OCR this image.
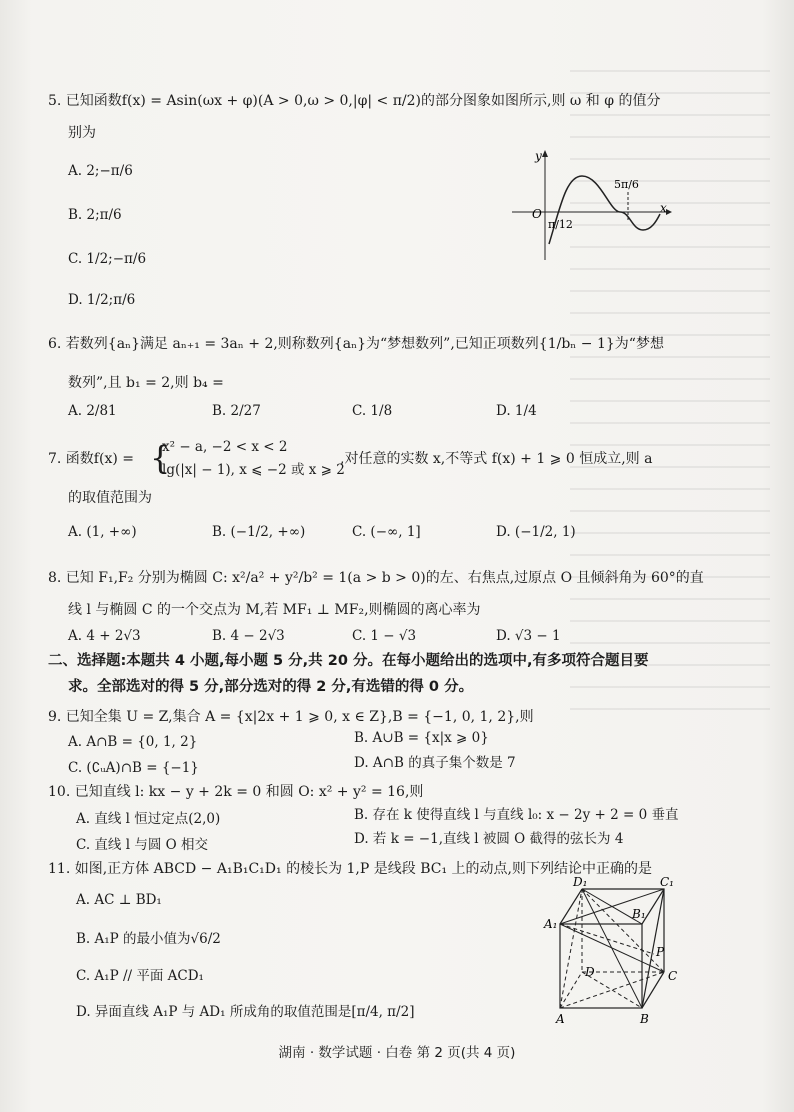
5. 已知函数f(x) = Asin(ωx + φ)(A > 0,ω > 0,|φ| < π/2)的部分图象如图所示,则 ω 和 φ 的值分
别为
A. 2;−π/6
B. 2;π/6
C. 1/2;−π/6
D. 1/2;π/6
y
x
O
π/12
5π/6
6. 若数列{aₙ}满足 aₙ₊₁ = 3aₙ + 2,则称数列{aₙ}为“梦想数列”,已知正项数列{1/bₙ − 1}为“梦想
数列”,且 b₁ = 2,则 b₄ =
A. 2/81	B. 2/27	C. 1/8	D. 1/4
7. 函数f(x) = {
x² − a, −2 < x < 2
lg(|x| − 1), x ⩽ −2 或 x ⩾ 2
,对任意的实数 x,不等式 f(x) + 1 ⩾ 0 恒成立,则 a
的取值范围为
A. (1, +∞)	B. (−1/2, +∞)	C. (−∞, 1]	D. (−1/2, 1)
8. 已知 F₁,F₂ 分别为椭圆 C: x²/a² + y²/b² = 1(a > b > 0)的左、右焦点,过原点 O 且倾斜角为 60°的直
线 l 与椭圆 C 的一个交点为 M,若 MF₁ ⊥ MF₂,则椭圆的离心率为
A. 4 + 2√3	B. 4 − 2√3	C. 1 − √3	D. √3 − 1
二、选择题:本题共 4 小题,每小题 5 分,共 20 分。在每小题给出的选项中,有多项符合题目要
求。全部选对的得 5 分,部分选对的得 2 分,有选错的得 0 分。
9. 已知全集 U = Z,集合 A = {x|2x + 1 ⩾ 0, x ∈ Z},B = {−1, 0, 1, 2},则
A. A∩B = {0, 1, 2}	B. A∪B = {x|x ⩾ 0}
C. (∁ᵤA)∩B = {−1}	D. A∩B 的真子集个数是 7
10. 已知直线 l: kx − y + 2k = 0 和圆 O: x² + y² = 16,则
A. 直线 l 恒过定点(2,0)	B. 存在 k 使得直线 l 与直线 l₀: x − 2y + 2 = 0 垂直
C. 直线 l 与圆 O 相交	D. 若 k = −1,直线 l 被圆 O 截得的弦长为 4
11. 如图,正方体 ABCD − A₁B₁C₁D₁ 的棱长为 1,P 是线段 BC₁ 上的动点,则下列结论中正确的是
A. AC ⊥ BD₁
B. A₁P 的最小值为√6/2
C. A₁P // 平面 ACD₁
D. 异面直线 A₁P 与 AD₁ 所成角的取值范围是[π/4, π/2]
D₁	C₁
B₁
A₁
P
D	C
A	B
湖南 · 数学试题 · 白卷 第 2 页(共 4 页)
